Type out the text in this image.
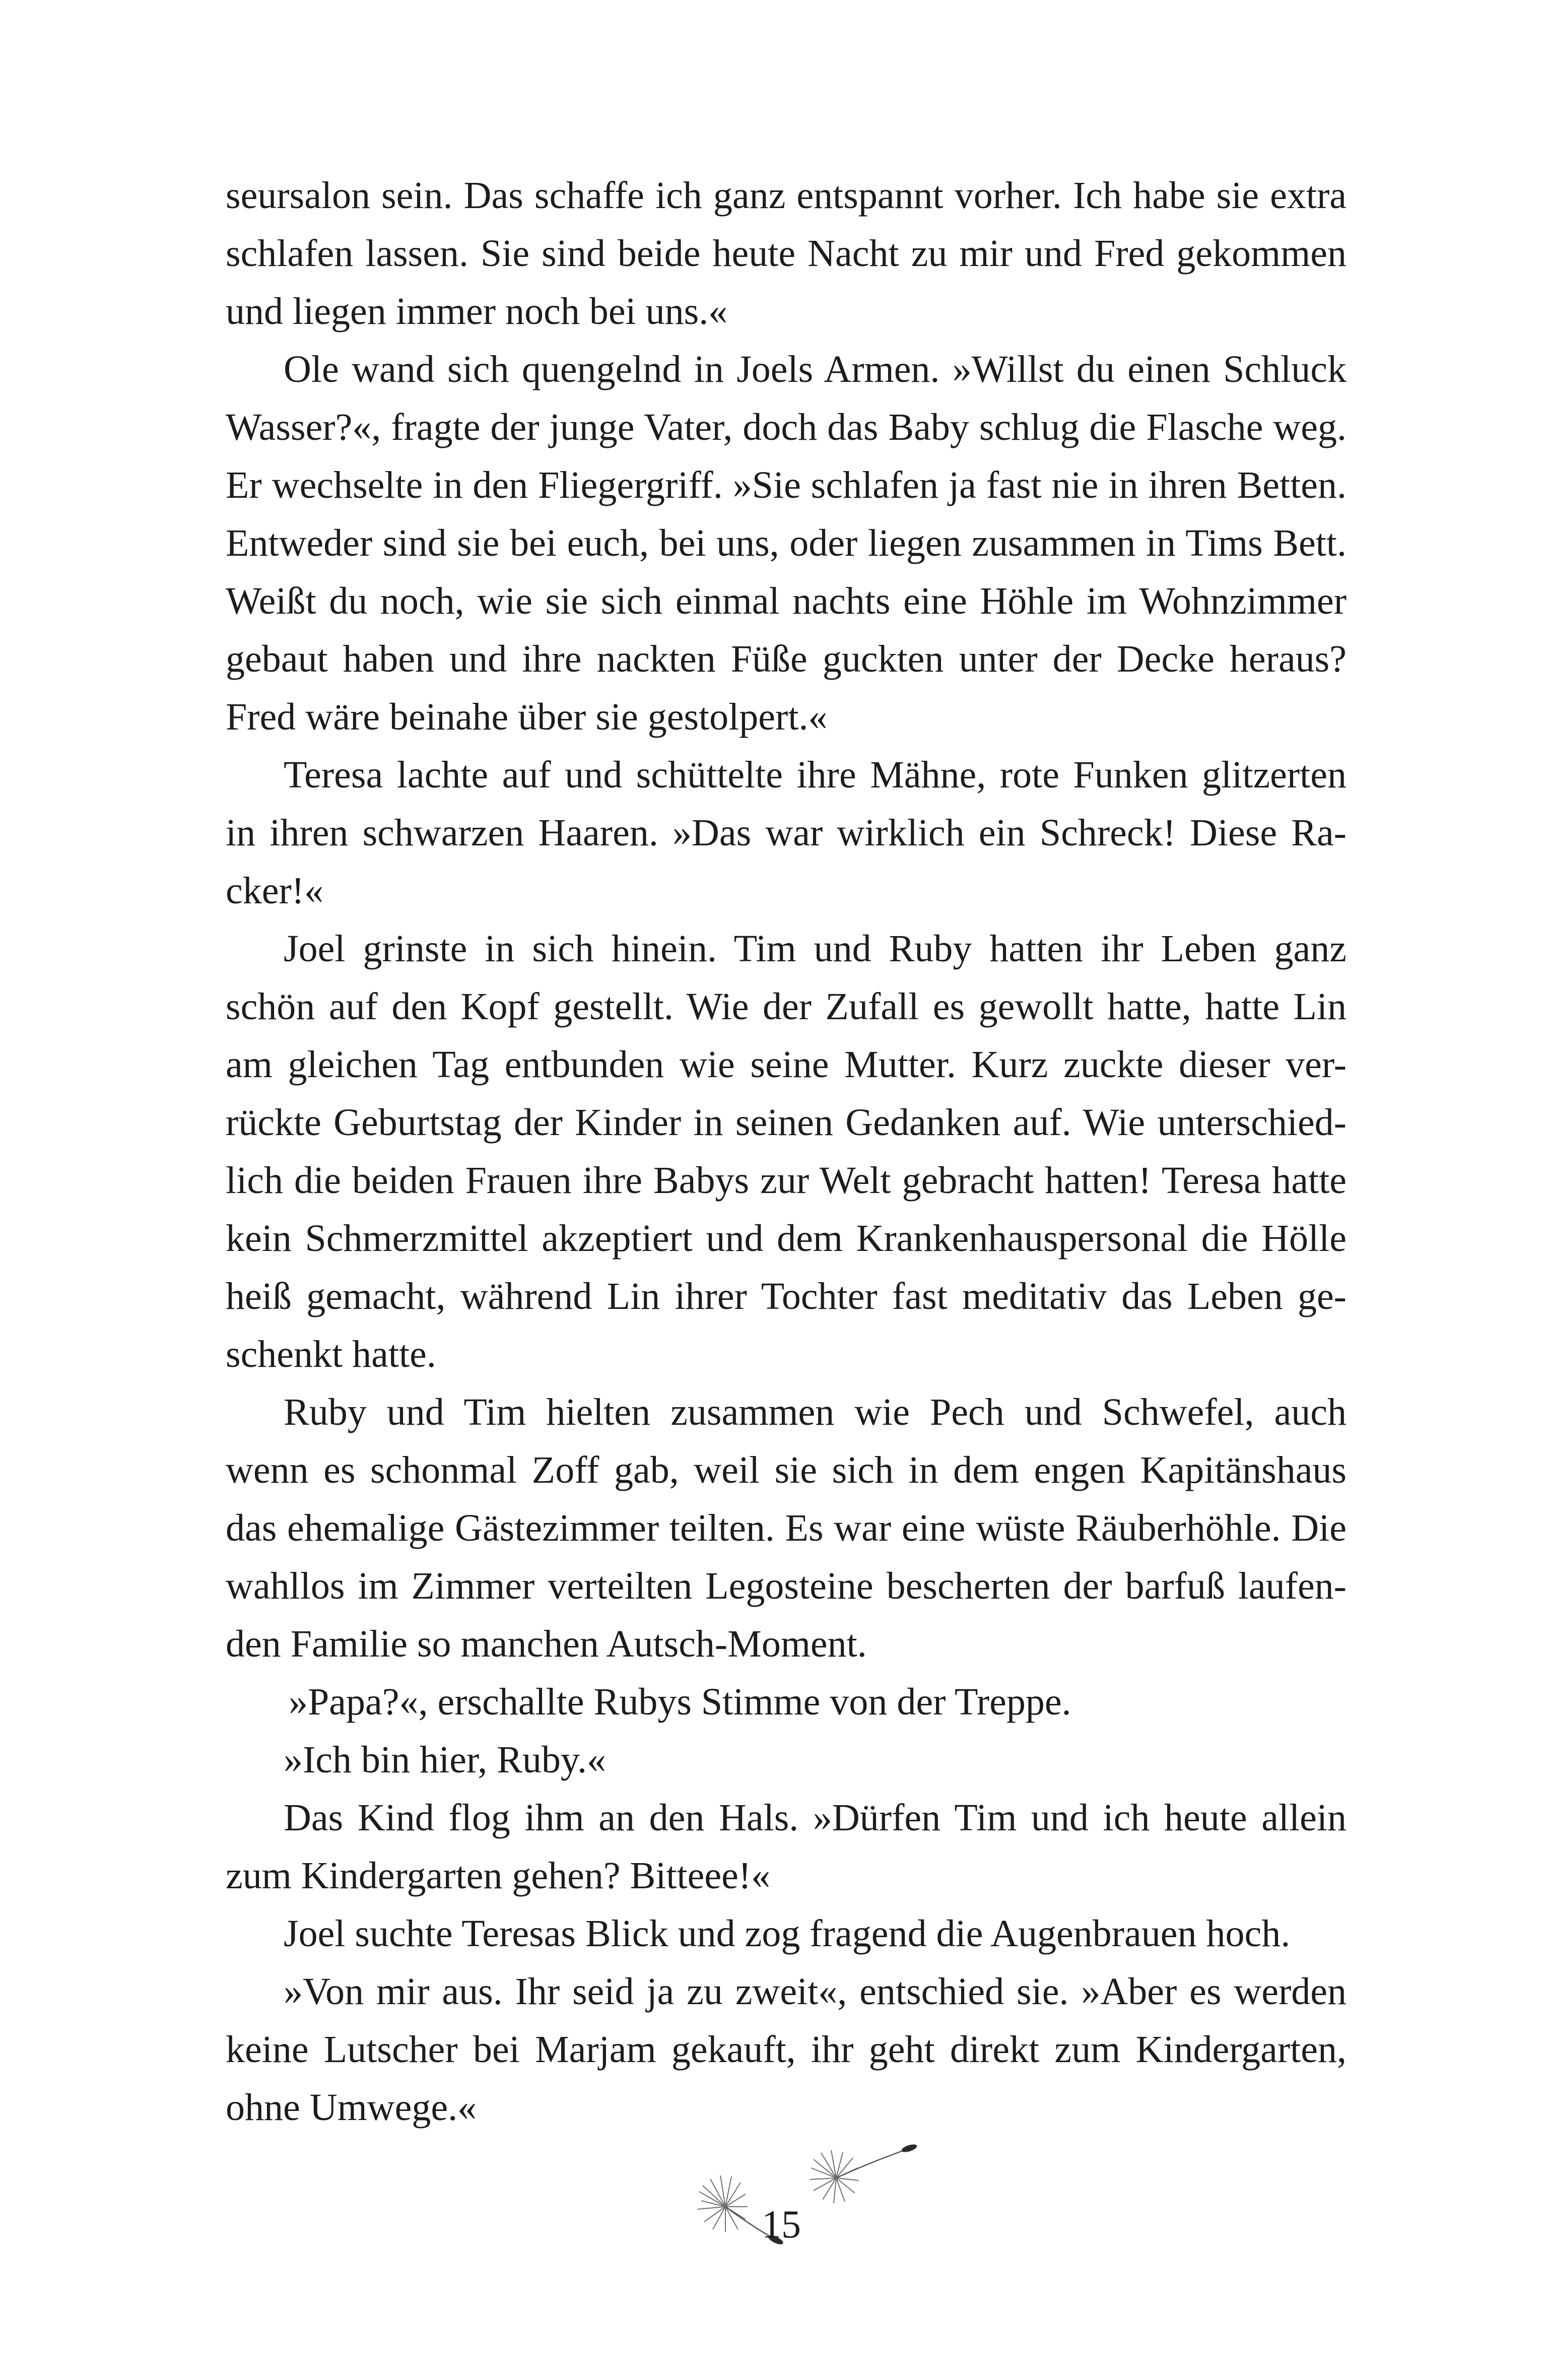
seursalon sein. Das schaffe ich ganz entspannt vorher. Ich habe sie extra
schlafen lassen. Sie sind beide heute Nacht zu mir und Fred gekommen
und liegen immer noch bei uns.«
Ole wand sich quengelnd in Joels Armen. »Willst du einen Schluck
Wasser?«, fragte der junge Vater, doch das Baby schlug die Flasche weg.
Er wechselte in den Fliegergriff. »Sie schlafen ja fast nie in ihren Betten.
Entweder sind sie bei euch, bei uns, oder liegen zusammen in Tims Bett.
Weißt du noch, wie sie sich einmal nachts eine Höhle im Wohnzimmer
gebaut haben und ihre nackten Füße guckten unter der Decke heraus?
Fred wäre beinahe über sie gestolpert.«
Teresa lachte auf und schüttelte ihre Mähne, rote Funken glitzerten
in ihren schwarzen Haaren. »Das war wirklich ein Schreck! Diese Ra-
cker!«
Joel grinste in sich hinein. Tim und Ruby hatten ihr Leben ganz
schön auf den Kopf gestellt. Wie der Zufall es gewollt hatte, hatte Lin
am gleichen Tag entbunden wie seine Mutter. Kurz zuckte dieser ver-
rückte Geburtstag der Kinder in seinen Gedanken auf. Wie unterschied-
lich die beiden Frauen ihre Babys zur Welt gebracht hatten! Teresa hatte
kein Schmerzmittel akzeptiert und dem Krankenhauspersonal die Hölle
heiß gemacht, während Lin ihrer Tochter fast meditativ das Leben ge-
schenkt hatte.
Ruby und Tim hielten zusammen wie Pech und Schwefel, auch
wenn es schonmal Zoff gab, weil sie sich in dem engen Kapitänshaus
das ehemalige Gästezimmer teilten. Es war eine wüste Räuberhöhle. Die
wahllos im Zimmer verteilten Legosteine bescherten der barfuß laufen-
den Familie so manchen Autsch-Moment.
»Papa?«, erschallte Rubys Stimme von der Treppe.
»Ich bin hier, Ruby.«
Das Kind flog ihm an den Hals. »Dürfen Tim und ich heute allein
zum Kindergarten gehen? Bitteee!«
Joel suchte Teresas Blick und zog fragend die Augenbrauen hoch.
»Von mir aus. Ihr seid ja zu zweit«, entschied sie. »Aber es werden
keine Lutscher bei Marjam gekauft, ihr geht direkt zum Kindergarten,
ohne Umwege.«
15
